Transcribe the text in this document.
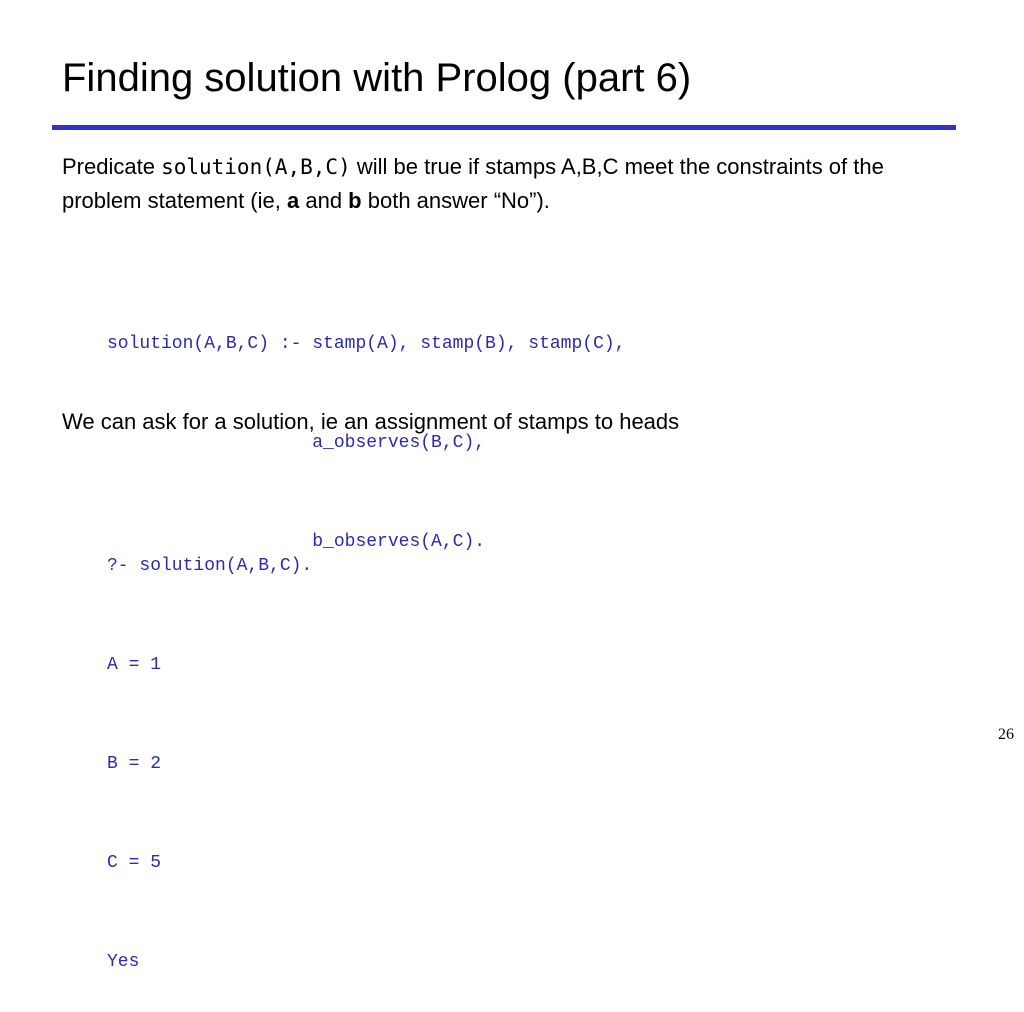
Finding solution with Prolog (part 6)

Predicate solution(A,B,C) will be true if stamps A,B,C meet the constraints of the problem statement (ie, a and b both answer “No”).

solution(A,B,C) :- stamp(A), stamp(B), stamp(C),

a_observes(B,C),

b_observes(A,C).

We can ask for a solution, ie an assignment of stamps to heads

?- solution(A,B,C).

A = 1

B = 2

C = 5

Yes

26
